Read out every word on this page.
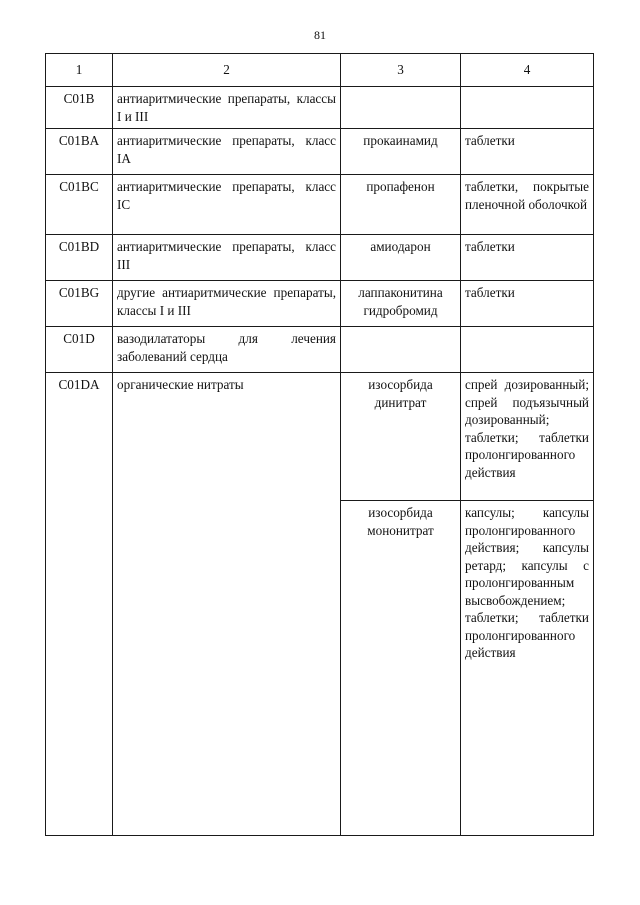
81
1	2	3	4
C01B	антиаритмические препараты, классы I и III		
C01BA	антиаритмические препараты, класс IA	прокаинамид	таблетки
C01BC	антиаритмические препараты, класс IC	пропафенон	таблетки, покрытые пленочной оболочкой
C01BD	антиаритмические препараты, класс III	амиодарон	таблетки
C01BG	другие антиаритмические препараты, классы I и III	лаппаконитина гидробромид	таблетки
C01D	вазодилататоры для лечения заболеваний сердца		
C01DA	органические нитраты	изосорбида динитрат	спрей дозированный; спрей подъязычный дозированный; таблетки; таблетки пролонгированного действия
		изосорбида мононитрат	капсулы; капсулы пролонгированного действия; капсулы ретард; капсулы с пролонгированным высвобождением; таблетки; таблетки пролонгированного действия
